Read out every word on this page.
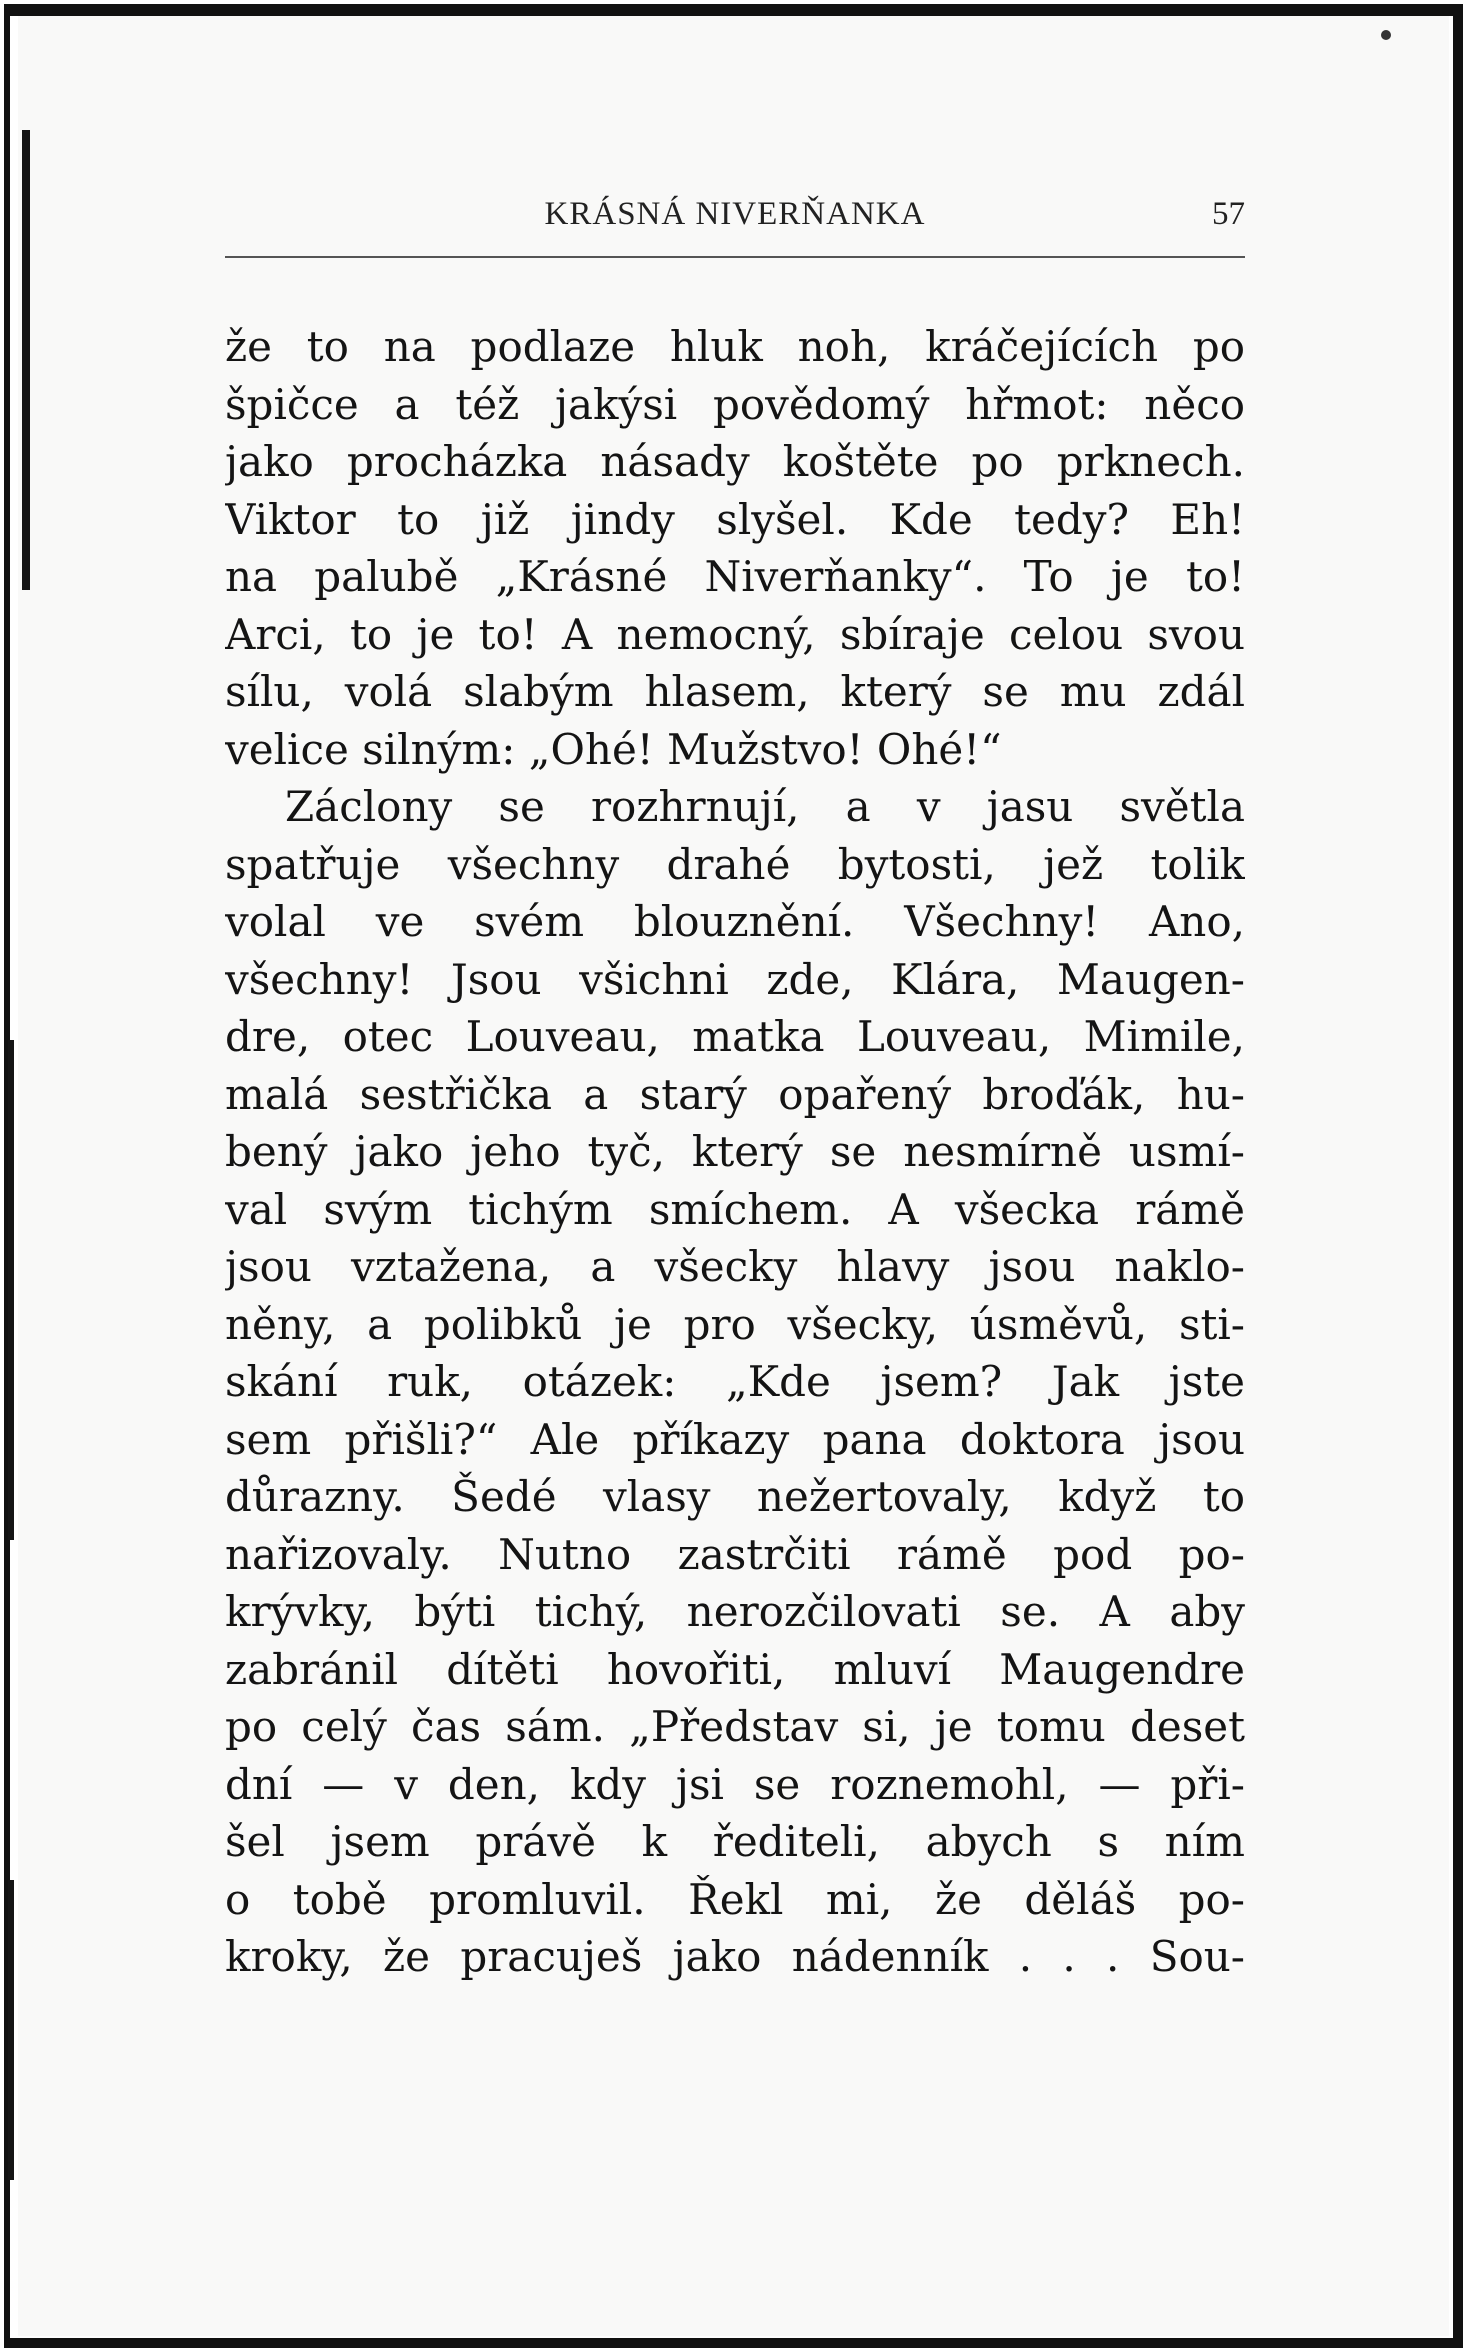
KRÁSNÁ NIVERŇANKA	57
že to na podlaze hluk noh, kráčejících po
špičce a též jakýsi povědomý hřmot: něco
jako procházka násady koštěte po prknech.
Viktor to již jindy slyšel. Kde tedy? Eh!
na palubě „Krásné Niverňanky“. To je to!
Arci, to je to! A nemocný, sbíraje celou svou
sílu, volá slabým hlasem, který se mu zdál
velice silným: „Ohé! Mužstvo! Ohé!“
Záclony se rozhrnují, a v jasu světla
spatřuje všechny drahé bytosti, jež tolik
volal ve svém blouznění. Všechny! Ano,
všechny! Jsou všichni zde, Klára, Maugen-
dre, otec Louveau, matka Louveau, Mimile,
malá sestřička a starý opařený broďák, hu-
bený jako jeho tyč, který se nesmírně usmí-
val svým tichým smíchem. A všecka rámě
jsou vztažena, a všecky hlavy jsou naklo-
něny, a polibků je pro všecky, úsměvů, sti-
skání ruk, otázek: „Kde jsem? Jak jste
sem přišli?“ Ale příkazy pana doktora jsou
důrazny. Šedé vlasy nežertovaly, když to
nařizovaly. Nutno zastrčiti rámě pod po-
krývky, býti tichý, nerozčilovati se. A aby
zabránil dítěti hovořiti, mluví Maugendre
po celý čas sám. „Představ si, je tomu deset
dní — v den, kdy jsi se roznemohl, — při-
šel jsem právě k řediteli, abych s ním
o tobě promluvil. Řekl mi, že děláš po-
kroky, že pracuješ jako nádenník . . . Sou-
